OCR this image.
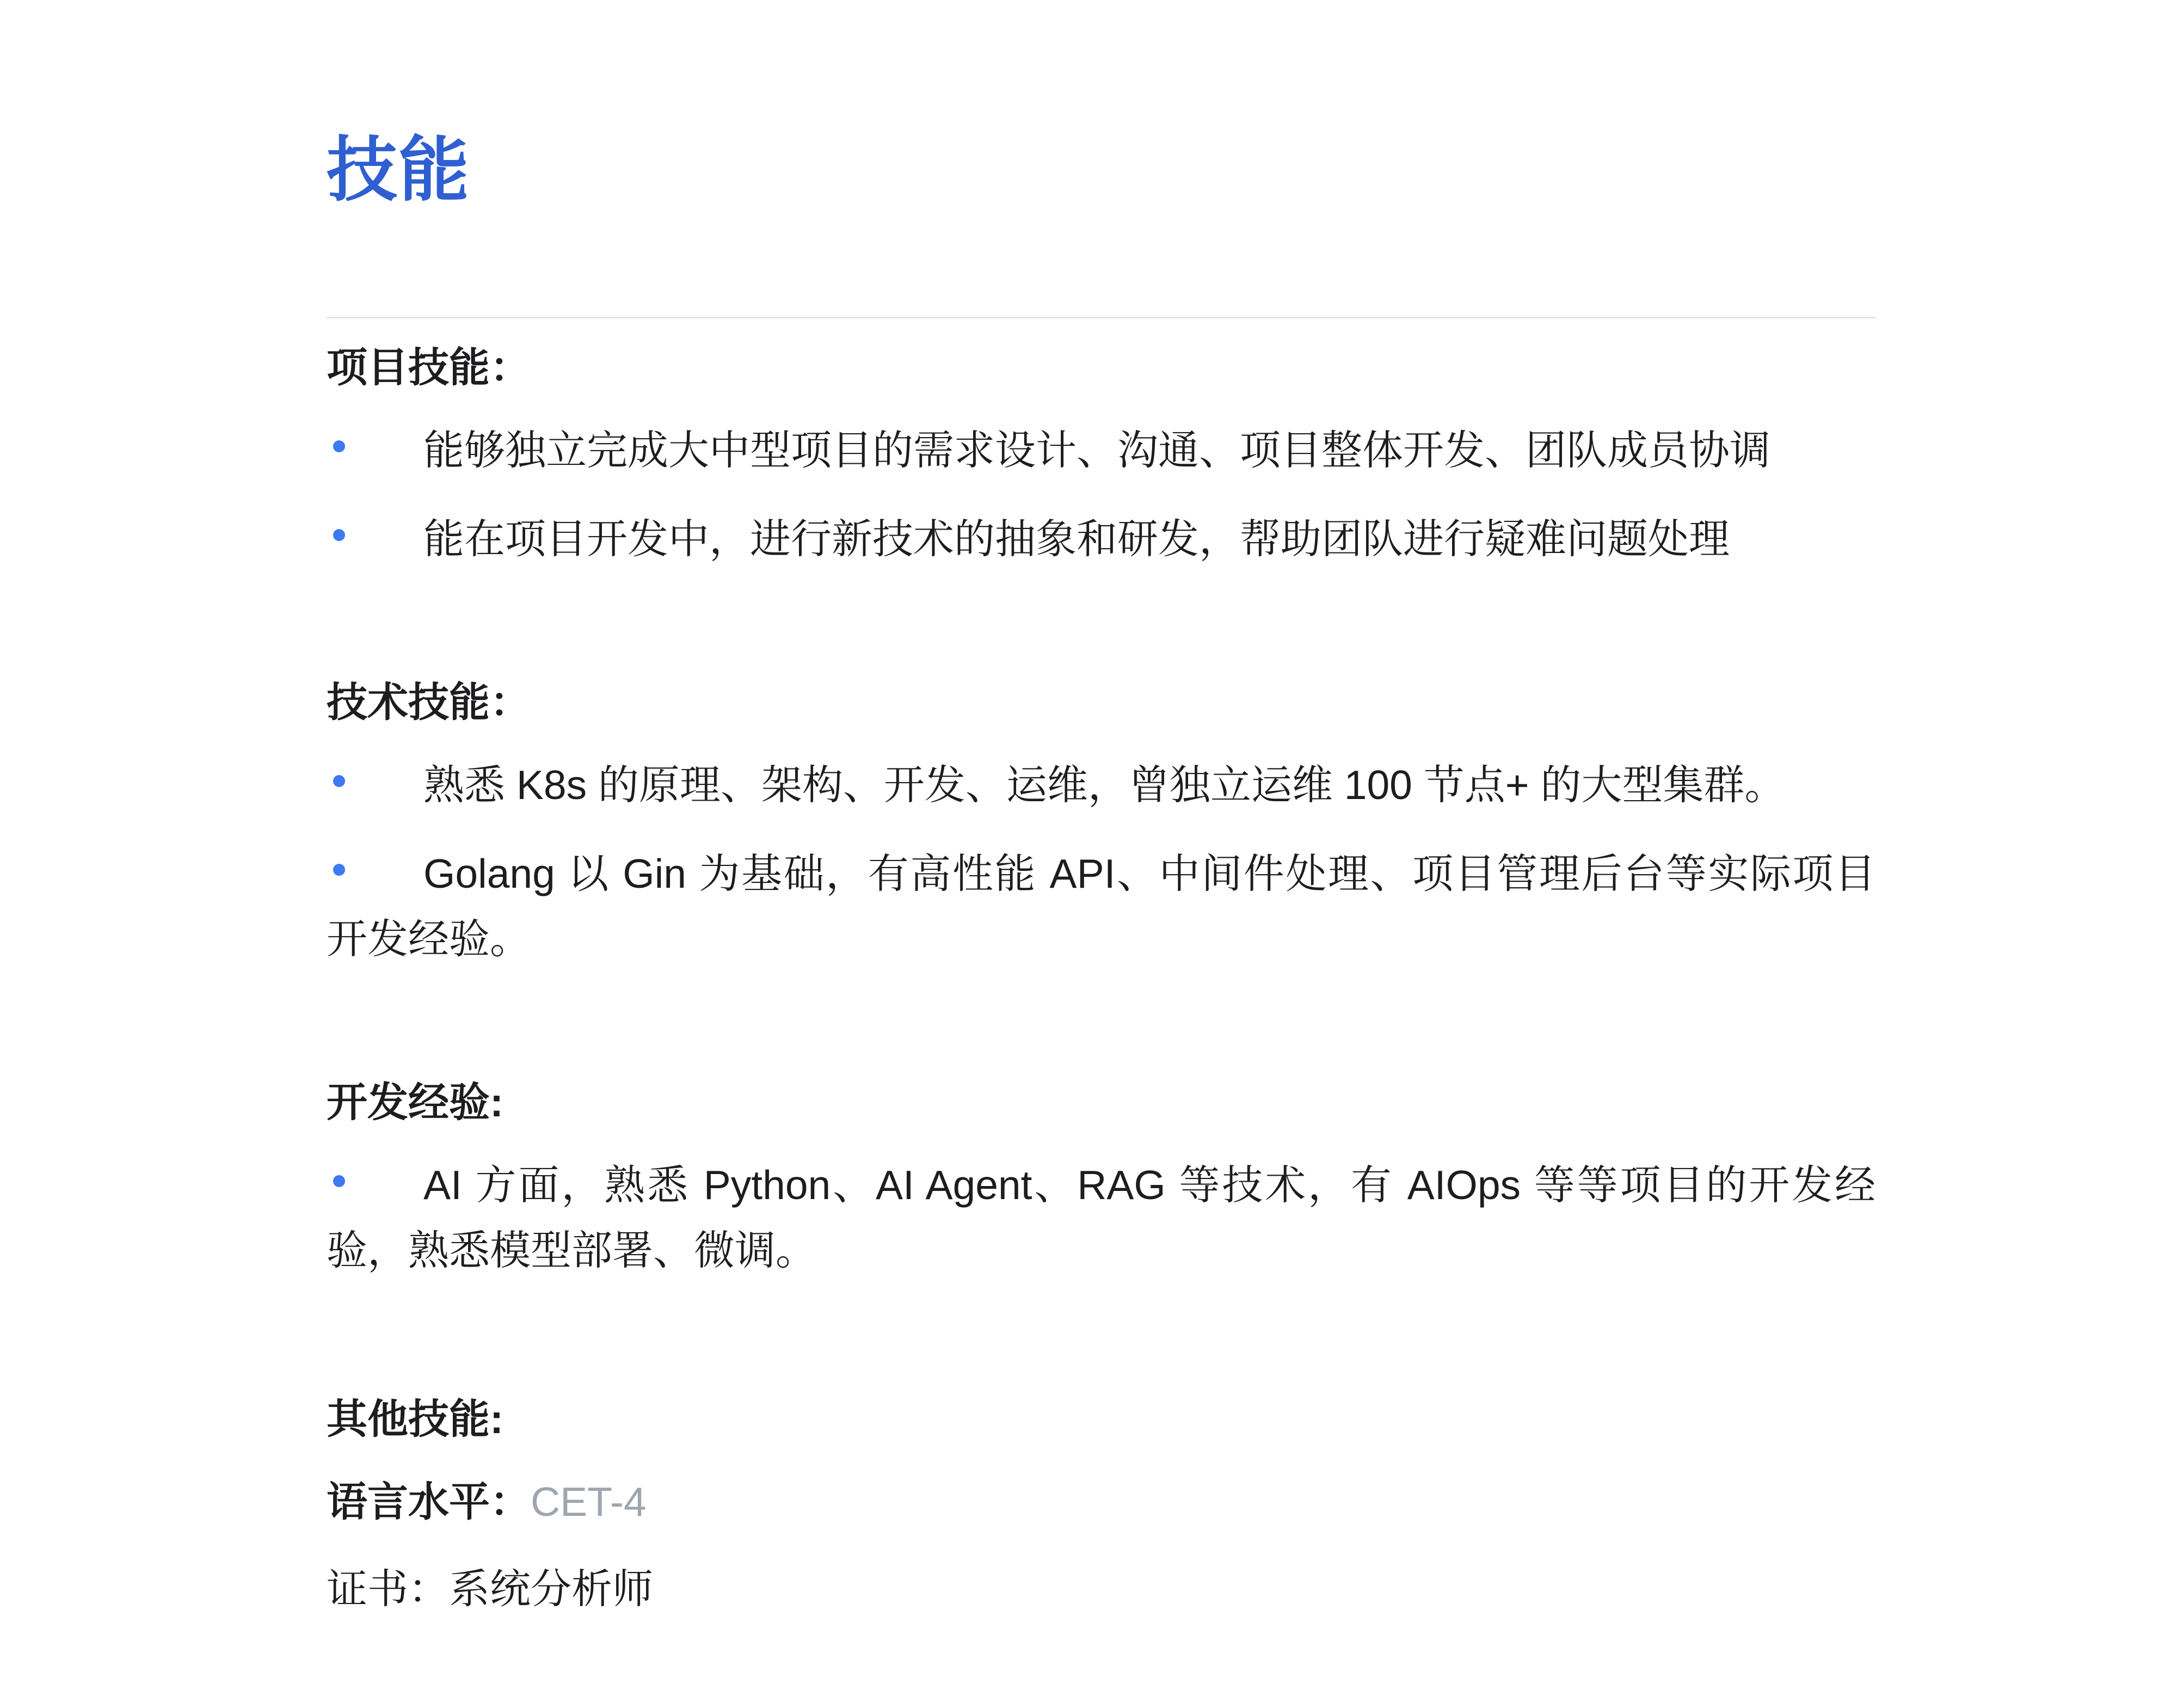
技能
项目技能：

能够独立完成大中型项目的需求设计、沟通、项目整体开发、团队成员协调

能在项目开发中，进行新技术的抽象和研发，帮助团队进行疑难问题处理

技术技能：

熟悉 K8s 的原理、架构、开发、运维，曾独立运维 100 节点+ 的大型集群。

Golang 以 Gin 为基础，有高性能 API、中间件处理、项目管理后台等实际项目
开发经验。

开发经验:

AI 方面，熟悉 Python、AI Agent、RAG 等技术，有 AIOps 等等项目的开发经
验，熟悉模型部署、微调。

其他技能:

语言水平：CET-4

证书：系统分析师
